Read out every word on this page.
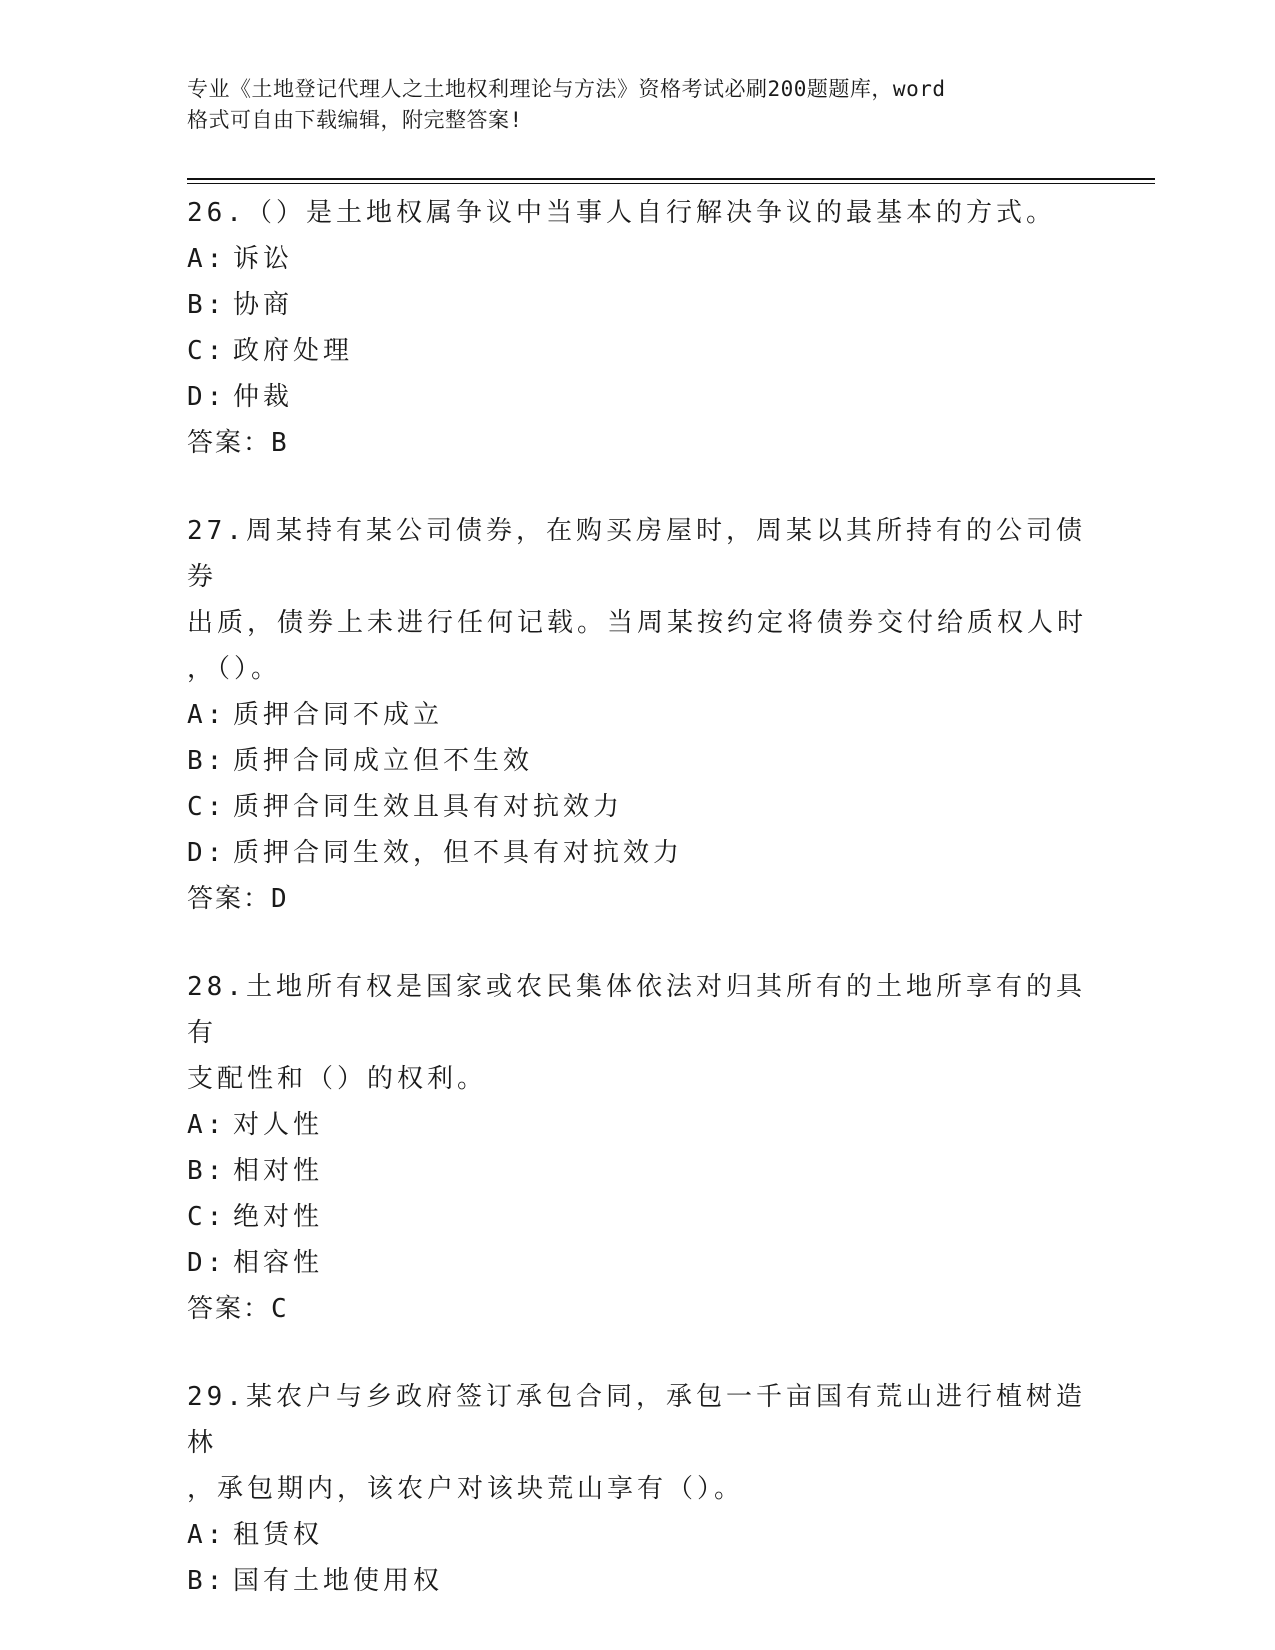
专业《土地登记代理人之土地权利理论与方法》资格考试必刷200题题库，word
格式可自由下载编辑，附完整答案!

26.（）是土地权属争议中当事人自行解决争议的最基本的方式。

A: 诉讼

B: 协商

C: 政府处理

D: 仲裁

答案：B

27.周某持有某公司债券，在购买房屋时，周某以其所持有的公司债券

出质，债券上未进行任何记载。当周某按约定将债券交付给质权人时

，（）。

A: 质押合同不成立

B: 质押合同成立但不生效

C: 质押合同生效且具有对抗效力

D: 质押合同生效，但不具有对抗效力

答案：D

28.土地所有权是国家或农民集体依法对归其所有的土地所享有的具有

支配性和（）的权利。

A: 对人性

B: 相对性

C: 绝对性

D: 相容性

答案：C

29.某农户与乡政府签订承包合同，承包一千亩国有荒山进行植树造林

，承包期内，该农户对该块荒山享有（）。

A: 租赁权

B: 国有土地使用权
